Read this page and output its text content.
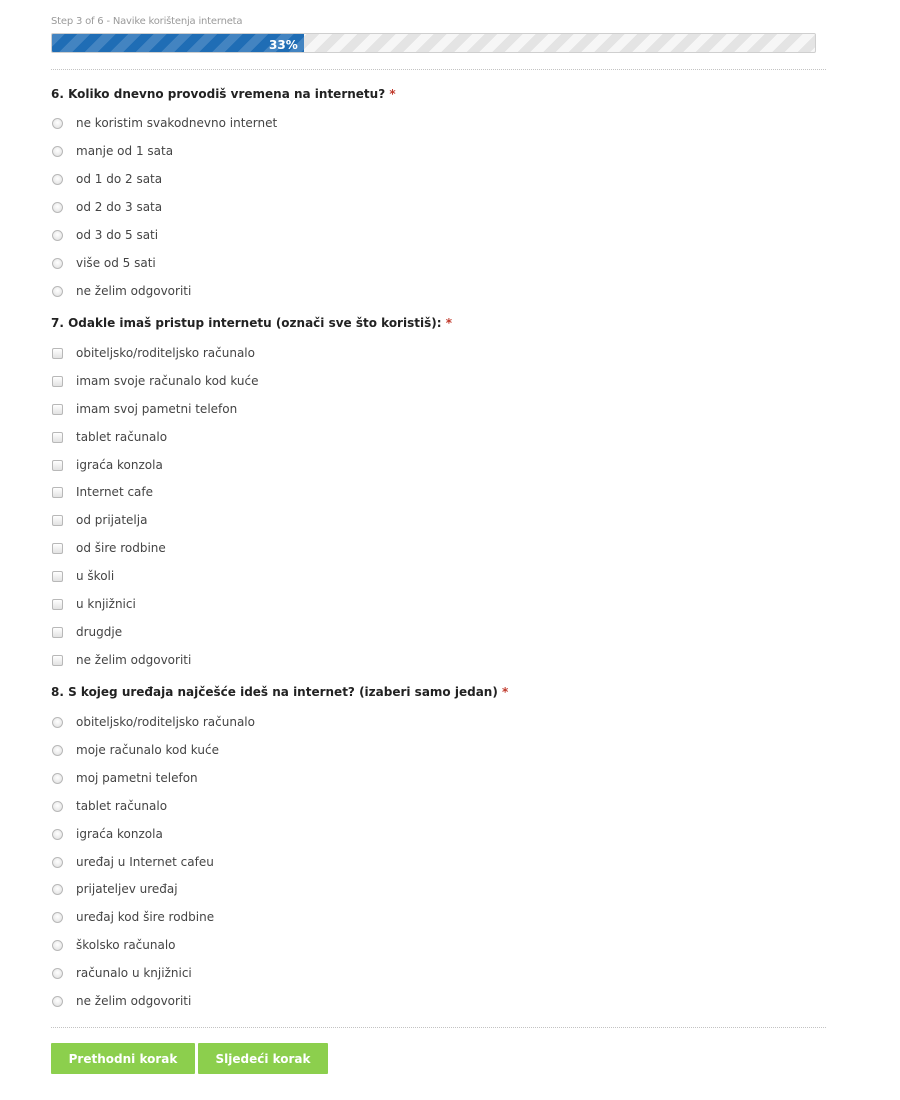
Step 3 of 6 - Navike korištenja interneta
33%
6. Koliko dnevno provodiš vremena na internetu? *
ne koristim svakodnevno internet
manje od 1 sata
od 1 do 2 sata
od 2 do 3 sata
od 3 do 5 sati
više od 5 sati
ne želim odgovoriti
7. Odakle imaš pristup internetu (označi sve što koristiš): *
obiteljsko/roditeljsko računalo
imam svoje računalo kod kuće
imam svoj pametni telefon
tablet računalo
igraća konzola
Internet cafe
od prijatelja
od šire rodbine
u školi
u knjižnici
drugdje
ne želim odgovoriti
8. S kojeg uređaja najčešće ideš na internet? (izaberi samo jedan) *
obiteljsko/roditeljsko računalo
moje računalo kod kuće
moj pametni telefon
tablet računalo
igraća konzola
uređaj u Internet cafeu
prijateljev uređaj
uređaj kod šire rodbine
školsko računalo
računalo u knjižnici
ne želim odgovoriti
Prethodni korak	Sljedeći korak
